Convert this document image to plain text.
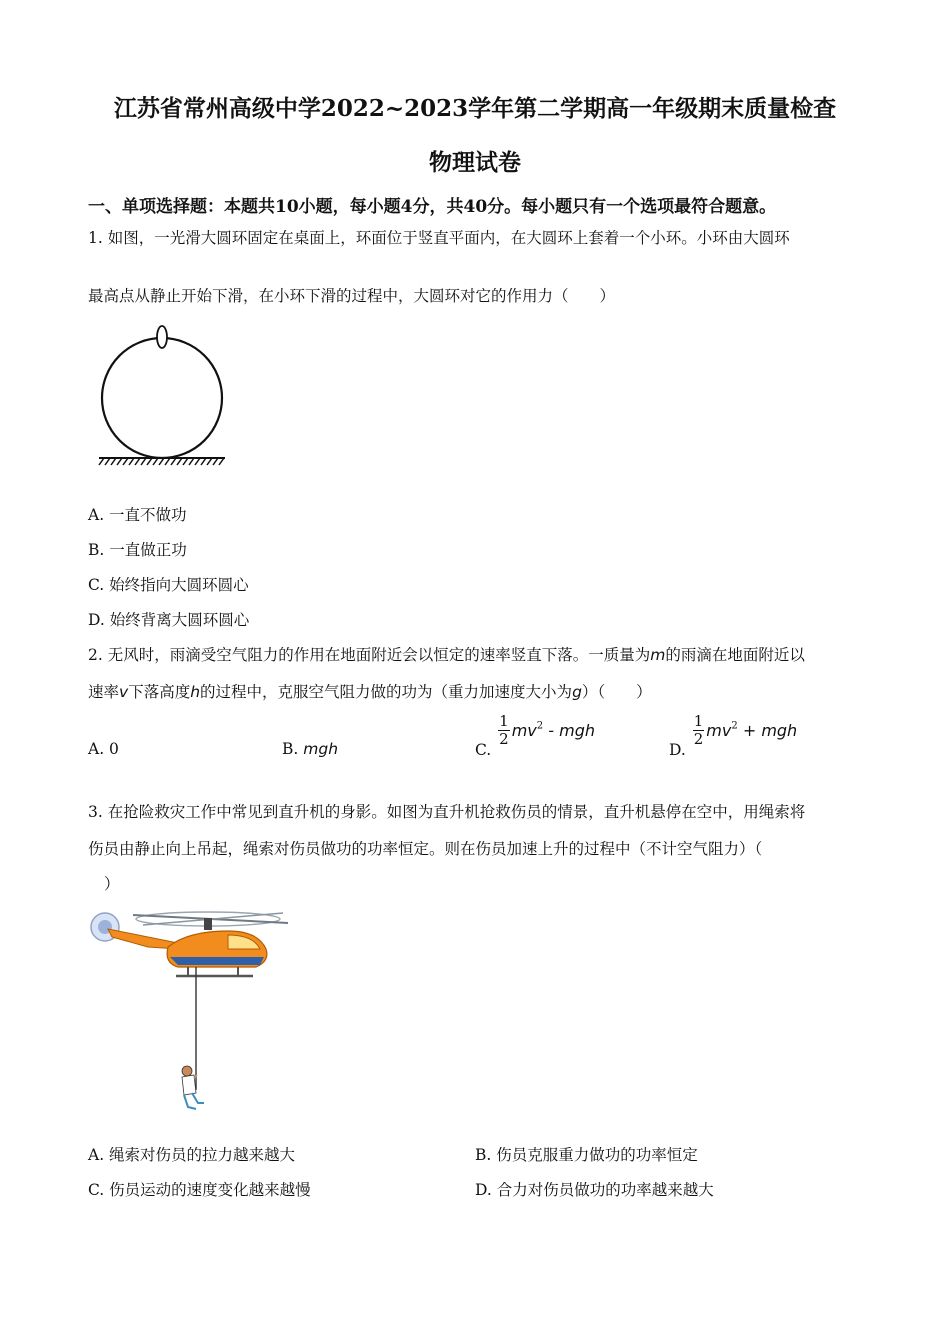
江苏省常州高级中学2022~2023学年第二学期高一年级期末质量检查
物理试卷
一、单项选择题：本题共10小题，每小题4分，共40分。每小题只有一个选项最符合题意。
1. 如图，一光滑大圆环固定在桌面上，环面位于竖直平面内，在大圆环上套着一个小环。小环由大圆环
最高点从静止开始下滑，在小环下滑的过程中，大圆环对它的作用力（　　）
A. 一直不做功
B. 一直做正功
C. 始终指向大圆环圆心
D. 始终背离大圆环圆心
2. 无风时，雨滴受空气阻力的作用在地面附近会以恒定的速率竖直下落。一质量为m的雨滴在地面附近以
速率v下落高度h的过程中，克服空气阻力做的功为（重力加速度大小为g）（　　）
A. 0	B. mgh	C.
$\frac{1}{2} mv^2$ - mgh
D.
$\frac{1}{2} mv^2$ + mgh
3. 在抢险救灾工作中常见到直升机的身影。如图为直升机抢救伤员的情景，直升机悬停在空中，用绳索将
伤员由静止向上吊起，绳索对伤员做功的功率恒定。则在伤员加速上升的过程中（不计空气阻力）（
）
A. 绳索对伤员的拉力越来越大	B. 伤员克服重力做功的功率恒定
C. 伤员运动的速度变化越来越慢	D. 合力对伤员做功的功率越来越大
